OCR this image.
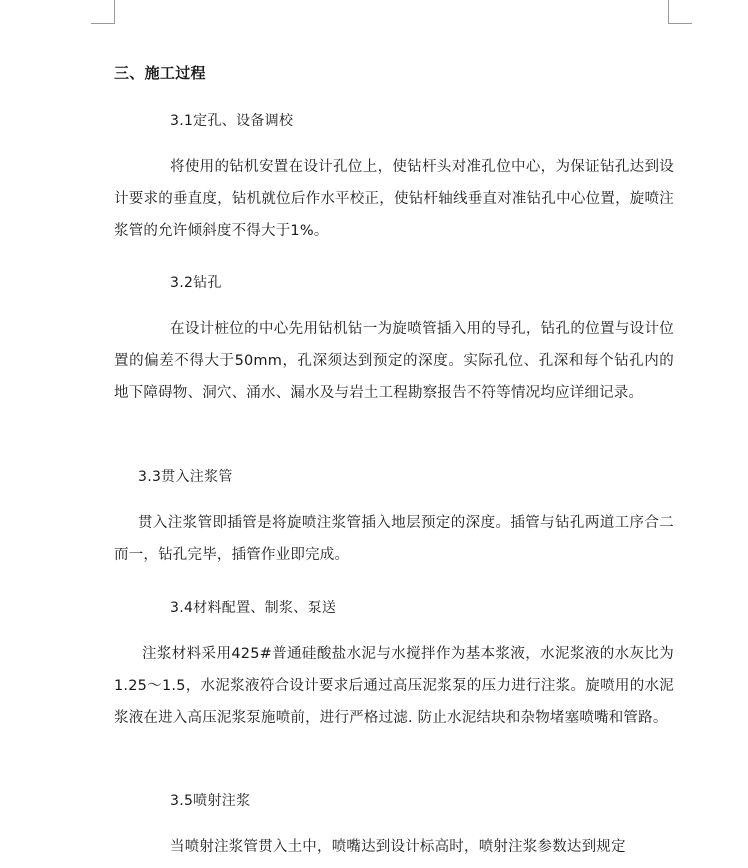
三、施工过程
3.1定孔、设备调校
将使用的钻机安置在设计孔位上，使钻杆头对准孔位中心，为保证钻孔达到设计要求的垂直度，钻机就位后作水平校正，使钻杆轴线垂直对准钻孔中心位置，旋喷注浆管的允许倾斜度不得大于1%。
3.2钻孔
在设计桩位的中心先用钻机钻一为旋喷管插入用的导孔，钻孔的位置与设计位置的偏差不得大于50mm，孔深须达到预定的深度。实际孔位、孔深和每个钻孔内的地下障碍物、洞穴、涌水、漏水及与岩土工程勘察报告不符等情况均应详细记录。
3.3贯入注浆管
贯入注浆管即插管是将旋喷注浆管插入地层预定的深度。插管与钻孔两道工序合二而一，钻孔完毕，插管作业即完成。
3.4材料配置、制浆、泵送
注浆材料采用425#普通硅酸盐水泥与水搅拌作为基本浆液，水泥浆液的水灰比为1.25～1.5，水泥浆液符合设计要求后通过高压泥浆泵的压力进行注浆。旋喷用的水泥浆液在进入高压泥浆泵施喷前，进行严格过滤. 防止水泥结块和杂物堵塞喷嘴和管路。
3.5喷射注浆
当喷射注浆管贯入土中，喷嘴达到设计标高时，喷射注浆参数达到规定
